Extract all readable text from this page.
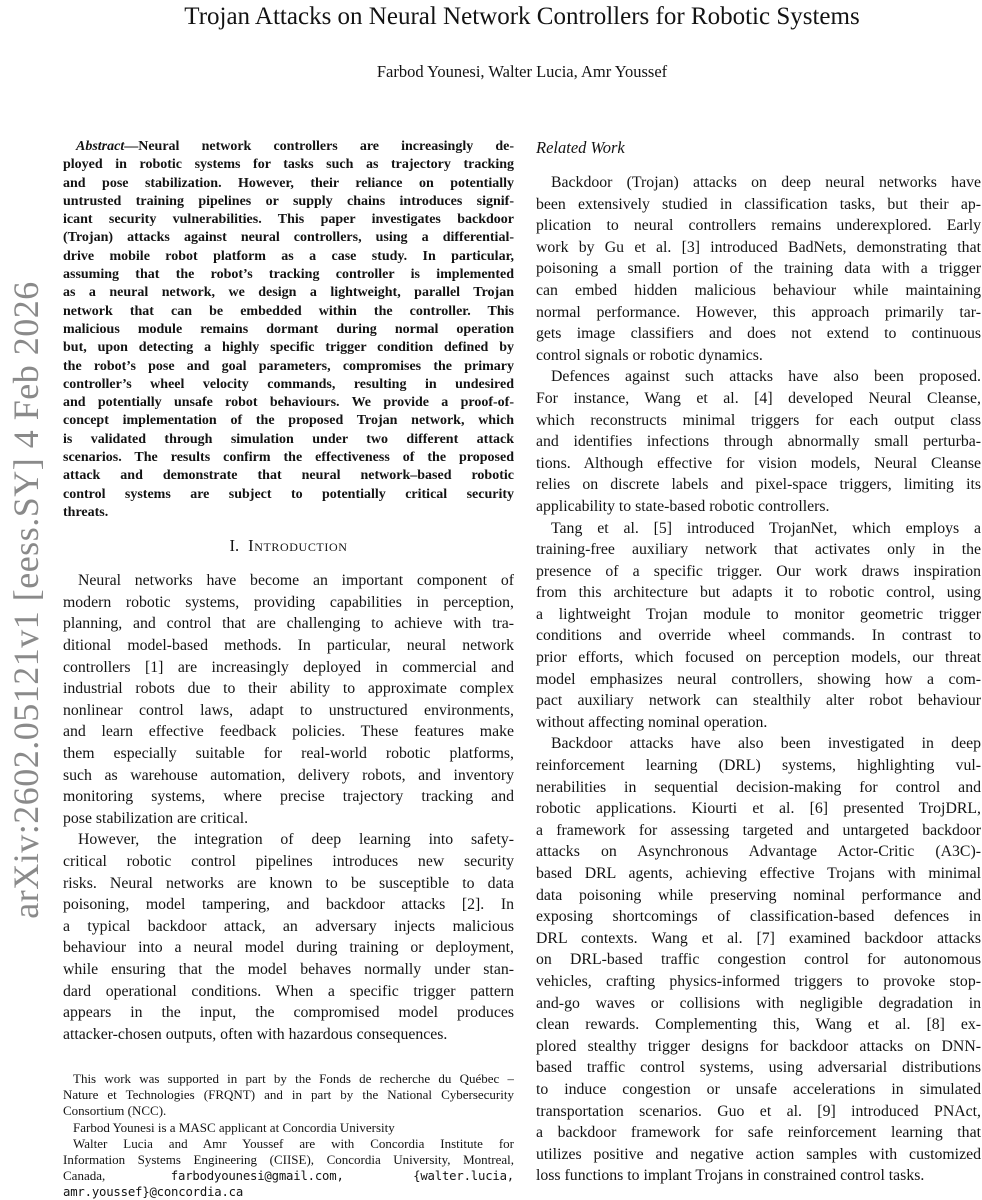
arXiv:2602.05121v1 [eess.SY] 4 Feb 2026
Trojan Attacks on Neural Network Controllers for Robotic Systems
Farbod Younesi, Walter Lucia, Amr Youssef
Abstract—Neural network controllers are increasingly de-
ployed in robotic systems for tasks such as trajectory tracking
and pose stabilization. However, their reliance on potentially
untrusted training pipelines or supply chains introduces signif-
icant security vulnerabilities. This paper investigates backdoor
(Trojan) attacks against neural controllers, using a differential-
drive mobile robot platform as a case study. In particular,
assuming that the robot’s tracking controller is implemented
as a neural network, we design a lightweight, parallel Trojan
network that can be embedded within the controller. This
malicious module remains dormant during normal operation
but, upon detecting a highly specific trigger condition defined by
the robot’s pose and goal parameters, compromises the primary
controller’s wheel velocity commands, resulting in undesired
and potentially unsafe robot behaviours. We provide a proof-of-
concept implementation of the proposed Trojan network, which
is validated through simulation under two different attack
scenarios. The results confirm the effectiveness of the proposed
attack and demonstrate that neural network–based robotic
control systems are subject to potentially critical security
threats.
I. Introduction
Neural networks have become an important component of
modern robotic systems, providing capabilities in perception,
planning, and control that are challenging to achieve with tra-
ditional model-based methods. In particular, neural network
controllers [1] are increasingly deployed in commercial and
industrial robots due to their ability to approximate complex
nonlinear control laws, adapt to unstructured environments,
and learn effective feedback policies. These features make
them especially suitable for real-world robotic platforms,
such as warehouse automation, delivery robots, and inventory
monitoring systems, where precise trajectory tracking and
pose stabilization are critical.
However, the integration of deep learning into safety-
critical robotic control pipelines introduces new security
risks. Neural networks are known to be susceptible to data
poisoning, model tampering, and backdoor attacks [2]. In
a typical backdoor attack, an adversary injects malicious
behaviour into a neural model during training or deployment,
while ensuring that the model behaves normally under stan-
dard operational conditions. When a specific trigger pattern
appears in the input, the compromised model produces
attacker-chosen outputs, often with hazardous consequences.
This work was supported in part by the Fonds de recherche du Québec –
Nature et Technologies (FRQNT) and in part by the National Cybersecurity
Consortium (NCC).
Farbod Younesi is a MASC applicant at Concordia University
Walter Lucia and Amr Youssef are with Concordia Institute for
Information Systems Engineering (CIISE), Concordia University, Montreal,
Canada, farbodyounesi@gmail.com, {walter.lucia,
amr.youssef}@concordia.ca
Related Work
Backdoor (Trojan) attacks on deep neural networks have
been extensively studied in classification tasks, but their ap-
plication to neural controllers remains underexplored. Early
work by Gu et al. [3] introduced BadNets, demonstrating that
poisoning a small portion of the training data with a trigger
can embed hidden malicious behaviour while maintaining
normal performance. However, this approach primarily tar-
gets image classifiers and does not extend to continuous
control signals or robotic dynamics.
Defences against such attacks have also been proposed.
For instance, Wang et al. [4] developed Neural Cleanse,
which reconstructs minimal triggers for each output class
and identifies infections through abnormally small perturba-
tions. Although effective for vision models, Neural Cleanse
relies on discrete labels and pixel-space triggers, limiting its
applicability to state-based robotic controllers.
Tang et al. [5] introduced TrojanNet, which employs a
training-free auxiliary network that activates only in the
presence of a specific trigger. Our work draws inspiration
from this architecture but adapts it to robotic control, using
a lightweight Trojan module to monitor geometric trigger
conditions and override wheel commands. In contrast to
prior efforts, which focused on perception models, our threat
model emphasizes neural controllers, showing how a com-
pact auxiliary network can stealthily alter robot behaviour
without affecting nominal operation.
Backdoor attacks have also been investigated in deep
reinforcement learning (DRL) systems, highlighting vul-
nerabilities in sequential decision-making for control and
robotic applications. Kiourti et al. [6] presented TrojDRL,
a framework for assessing targeted and untargeted backdoor
attacks on Asynchronous Advantage Actor-Critic (A3C)-
based DRL agents, achieving effective Trojans with minimal
data poisoning while preserving nominal performance and
exposing shortcomings of classification-based defences in
DRL contexts. Wang et al. [7] examined backdoor attacks
on DRL-based traffic congestion control for autonomous
vehicles, crafting physics-informed triggers to provoke stop-
and-go waves or collisions with negligible degradation in
clean rewards. Complementing this, Wang et al. [8] ex-
plored stealthy trigger designs for backdoor attacks on DNN-
based traffic control systems, using adversarial distributions
to induce congestion or unsafe accelerations in simulated
transportation scenarios. Guo et al. [9] introduced PNAct,
a backdoor framework for safe reinforcement learning that
utilizes positive and negative action samples with customized
loss functions to implant Trojans in constrained control tasks.
